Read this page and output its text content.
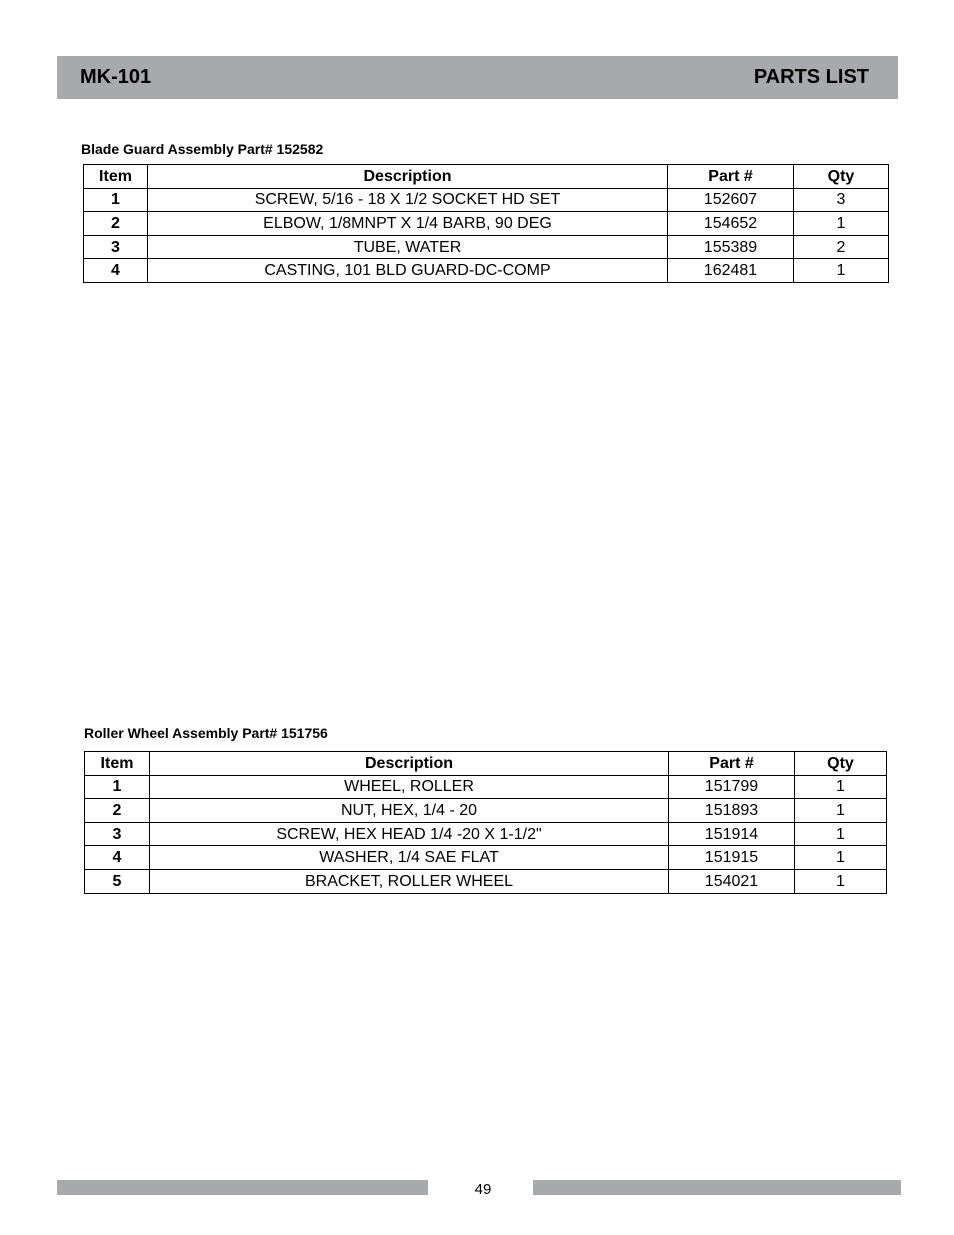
MK-101	PARTS LIST
Blade Guard Assembly Part# 152582
Item	Description	Part #	Qty
1	SCREW, 5/16 - 18 X 1/2 SOCKET HD SET	152607	3
2	ELBOW, 1/8MNPT X 1/4 BARB, 90 DEG	154652	1
3	TUBE, WATER	155389	2
4	CASTING, 101 BLD GUARD-DC-COMP	162481	1
Roller Wheel Assembly Part# 151756
Item	Description	Part #	Qty
1	WHEEL, ROLLER	151799	1
2	NUT, HEX, 1/4 - 20	151893	1
3	SCREW, HEX HEAD 1/4 -20 X 1-1/2"	151914	1
4	WASHER, 1/4 SAE FLAT	151915	1
5	BRACKET, ROLLER WHEEL	154021	1
49
